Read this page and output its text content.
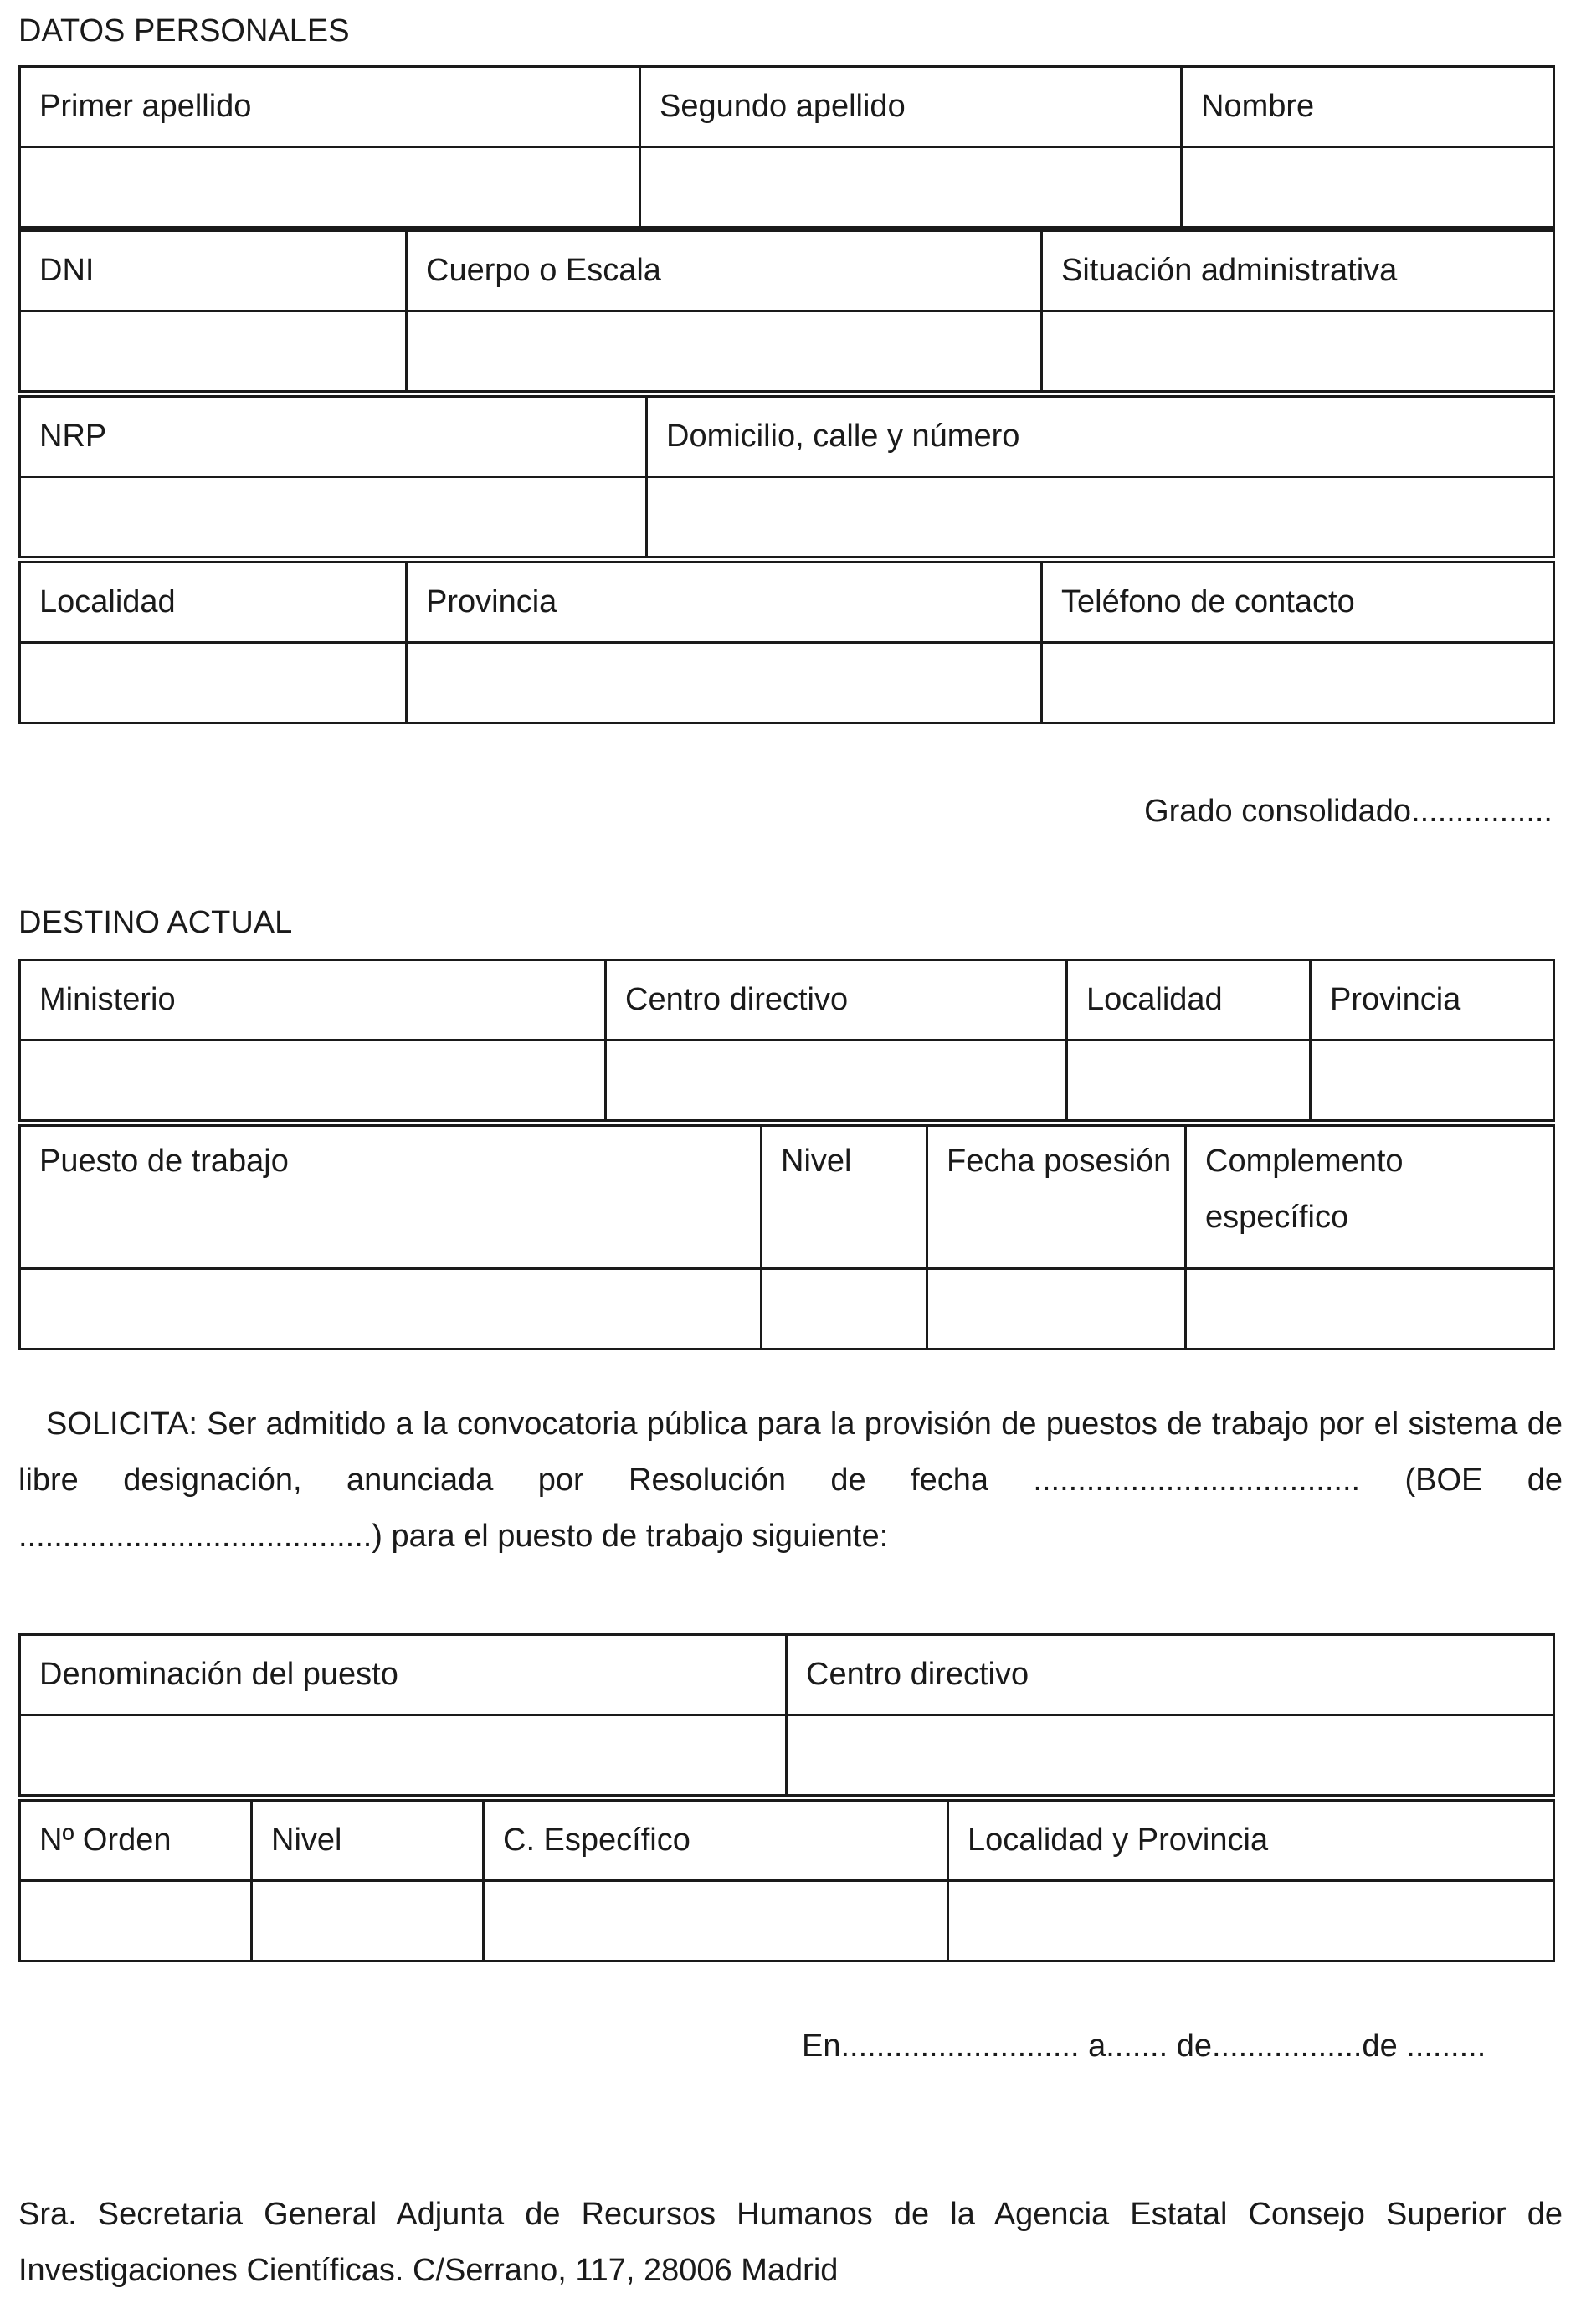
DATOS PERSONALES
Primer apellido	Segundo apellido	Nombre

DNI	Cuerpo o Escala	Situación administrativa

NRP	Domicilio, calle y número

Localidad	Provincia	Teléfono de contacto

Grado consolidado................
DESTINO ACTUAL
Ministerio	Centro directivo	Localidad	Provincia

Puesto de trabajo	Nivel	Fecha posesión	Complemento específico

SOLICITA: Ser admitido a la convocatoria pública para la provisión de puestos de trabajo por el sistema de libre designación, anunciada por Resolución de fecha ..................................... (BOE de ........................................) para el puesto de trabajo siguiente:

Denominación del puesto	Centro directivo

Nº Orden	Nivel	C. Específico	Localidad y Provincia

En........................... a....... de.................de .........

Sra. Secretaria General Adjunta de Recursos Humanos de la Agencia Estatal Consejo Superior de Investigaciones Científicas. C/Serrano, 117, 28006 Madrid
